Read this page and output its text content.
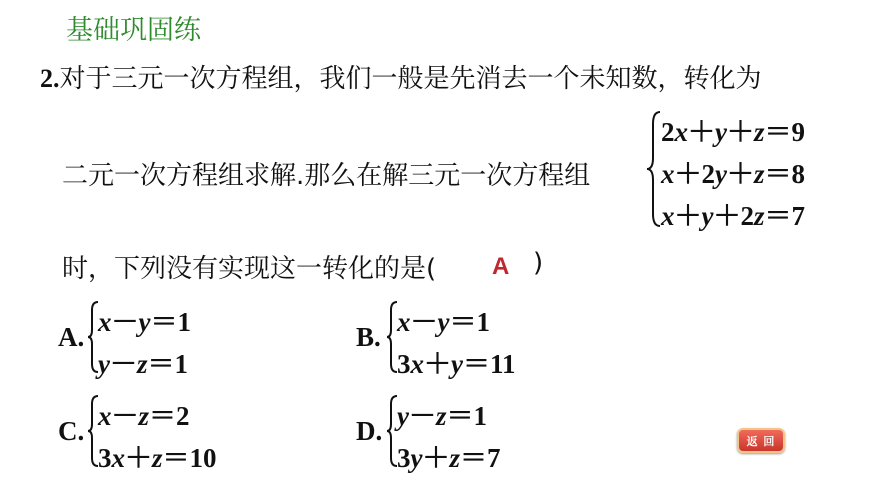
基础巩固练
2.对于三元一次方程组，我们一般是先消去一个未知数，转化为
二元一次方程组求解.那么在解三元一次方程组
2x＋y＋z＝9
x＋2y＋z＝8
x＋y＋2z＝7
时，下列没有实现这一转化的是( A )
A. x－y＝1
y－z＝1
B. x－y＝1
3x＋y＝11
C. x－z＝2
3x＋z＝10
D. y－z＝1
3y＋z＝7
返 回
